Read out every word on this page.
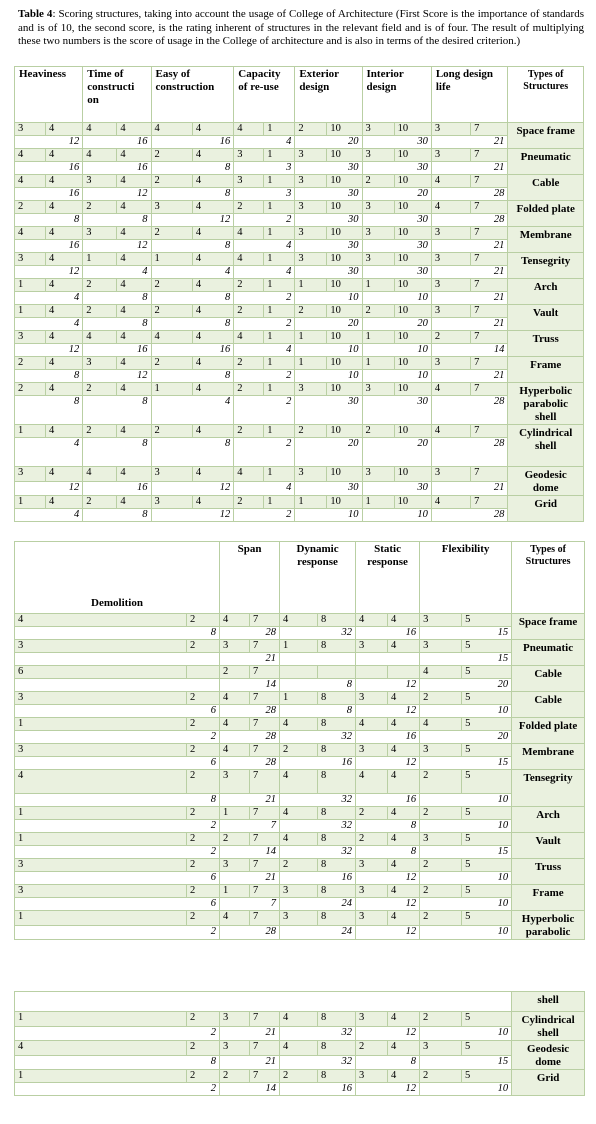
Table 4: Scoring structures, taking into account the usage of College of Architecture (First Score is the importance of standards and is of 10, the second score, is the rating inherent of structures in the relevant field and is of four. The result of multiplying these two numbers is the score of usage in the College of architecture and is also in terms of the desired criterion.)
Heaviness		Time of constructi on		Easy of construction		Capacity of re-use		Exterior design		Interior design		Long design life		Types of Structures
3	4	4	4	4	4	4	1	2	10	3	10	3	7	Space frame
12		16		16		4		20		30		21		
4	4	4	4	2	4	3	1	3	10	3	10	3	7	Pneumatic
16		16		8		3		30		30		21		
4	4	3	4	2	4	3	1	3	10	2	10	4	7	Cable
16		12		8		3		30		20		28		
2	4	2	4	3	4	2	1	3	10	3	10	4	7	Folded plate
8		8		12		2		30		30		28		
4	4	3	4	2	4	4	1	3	10	3	10	3	7	Membrane
16		12		8		4		30		30		21		
3	4	1	4	1	4	4	1	3	10	3	10	3	7	Tensegrity
12		4		4		4		30		30		21		
1	4	2	4	2	4	2	1	1	10	1	10	3	7	Arch
4		8		8		2		10		10		21		
1	4	2	4	2	4	2	1	2	10	2	10	3	7	Vault
4		8		8		2		20		20		21		
3	4	4	4	4	4	4	1	1	10	1	10	2	7	Truss
12		16		16		4		10		10		14		
2	4	3	4	2	4	2	1	1	10	1	10	3	7	Frame
8		12		8		2		10		10		21		
2	4	2	4	1	4	2	1	3	10	3	10	4	7	Hyperbolic parabolic shell
8		8		4		2		30		30		28		
1	4	2	4	2	4	2	1	2	10	2	10	4	7	Cylindrical shell
4		8		8		2		20		20		28		
3	4	4	4	3	4	4	1	3	10	3	10	3	7	Geodesic dome
12		16		12		4		30		30		21		
1	4	2	4	3	4	2	1	1	10	1	10	4	7	Grid
4		8		12		2		10		10		28		
Demolition		Span		Dynamic response		Static response		Flexibility		Types of Structures
4	2	4	7	4	8	4	4	3	5	Space frame
8		28		32		16		15		
3	2	3	7	1	8	3	4	3	5	Pneumatic
		21						15		
6		2	7					4	5	Cable
		14		8		12		20		
3	2	4	7	1	8	3	4	2	5	Cable
6		28		8		12		10		
1	2	4	7	4	8	4	4	4	5	Folded plate
2		28		32		16		20		
3	2	4	7	2	8	3	4	3	5	Membrane
6		28		16		12		15		
4	2	3	7	4	8	4	4	2	5	Tensegrity
8		21		32		16		10		
1	2	1	7	4	8	2	4	2	5	Arch
2		7		32		8		10		
1	2	2	7	4	8	2	4	3	5	Vault
2		14		32		8		15		
3	2	3	7	2	8	3	4	2	5	Truss
6		21		16		12		10		
3	2	1	7	3	8	3	4	2	5	Frame
6		7		24		12		10		
1	2	4	7	3	8	3	4	2	5	Hyperbolic parabolic
2		28		24		12		10		
										shell
1	2	3	7	4	8	3	4	2	5	Cylindrical shell
2		21		32		12		10		
4	2	3	7	4	8	2	4	3	5	Geodesic dome
8		21		32		8		15		
1	2	2	7	2	8	3	4	2	5	Grid
2		14		16		12		10		
